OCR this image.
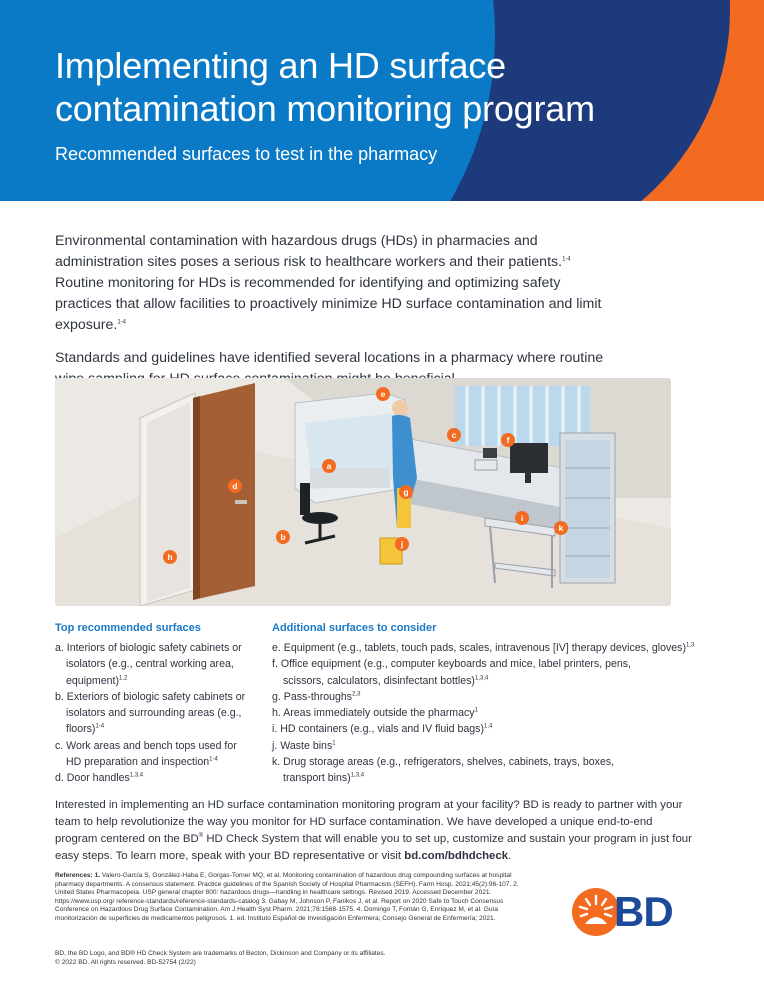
Implementing an HD surface contamination monitoring program
Recommended surfaces to test in the pharmacy

Environmental contamination with hazardous drugs (HDs) in pharmacies and administration sites poses a serious risk to healthcare workers and their patients.$^{1-4}$ Routine monitoring for HDs is recommended for identifying and optimizing safety practices that allow facilities to proactively minimize HD surface contamination and limit exposure.$^{1-4}$

Standards and guidelines have identified several locations in a pharmacy where routine

a
b
c
d
e
f
g
h
i
j
k
Top recommended surfaces
a. Interiors of biologic safety cabinets or isolators (e.g., central working area, equipment)$^{1,2}$
b. Exteriors of biologic safety cabinets or isolators and surrounding areas (e.g., floors)$^{1-4}$
c. Work areas and bench tops used for HD preparation and inspection$^{1-4}$
d. Door handles$^{1,3,4}$
Additional surfaces to consider
e. Equipment (e.g., tablets, touch pads, scales, intravenous [IV] therapy devices, gloves)$^{1,3}$
f. Office equipment (e.g., computer keyboards and mice, label printers, pens, scissors, calculators, disinfectant bottles)$^{1,3,4}$
g. Pass-throughs$^{2,3}$
h. Areas immediately outside the pharmacy$^1$
i. HD containers (e.g., vials and IV fluid bags)$^{1,4}$
j. Waste bins$^1$
k. Drug storage areas (e.g., refrigerators, shelves, cabinets, trays, boxes, transport bins)$^{1,3,4}$

Interested in implementing an HD surface contamination monitoring program at your facility? BD is ready to partner with your team to help revolutionize the way you monitor for HD surface contamination. We have developed a unique end-to-end program centered on the BD® HD Check System that will enable you to set up, customize and sustain your program in just four easy steps. To learn more, speak with your BD representative or visit bd.com/bdhdcheck.

References: 1. Valero-García S, González-Haba E, Gorgas-Torner MQ, et al. Monitoring contamination of hazardous drug compounding surfaces at hospital pharmacy departments. A consensus statement. Practice guidelines of the Spanish Society of Hospital Pharmacists (SEFH). Farm Hosp. 2021;45(2):96-107. 2. United States Pharmacopeia. USP general chapter 800: hazardous drugs—handling in healthcare settings. Revised 2019. Accessed December 2021. https://www.usp.org/ reference-standards/reference-standards-catalog 3. Gabay M, Johnson P, Fanikos J, et al. Report on 2020 Safe to Touch Consensus Conference on Hazardous Drug Surface Contamination. Am J Health Syst Pharm. 2021;78:1568-1575. 4. Domingo T, Fontán G, Enríquez M, et al. Guía monitorización de superficies de medicamentos peligrosos. 1. ed. Instituto Español de Investigación Enfermera; Consejo General de Enfermería; 2021.

BD, the BD Logo, and BD® HD Check System are trademarks of Becton, Dickinson and Company or its affiliates.
© 2022 BD. All rights reserved. BD-52754 (2/22)
BD
